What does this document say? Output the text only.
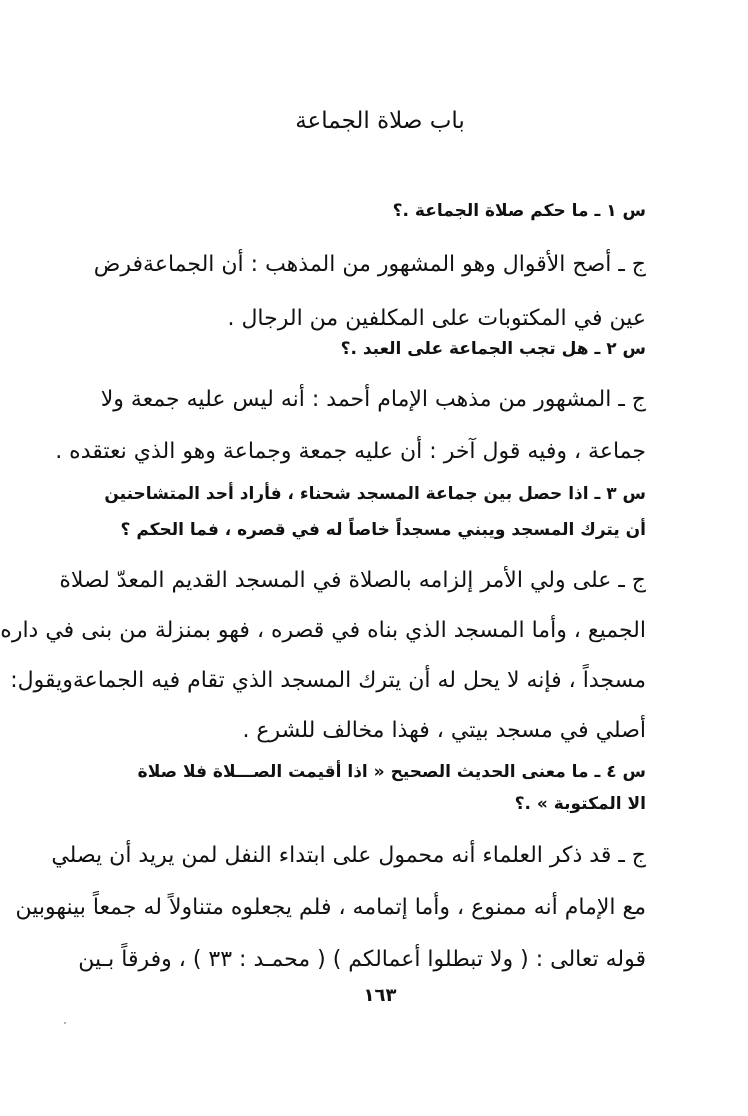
باب صلاة الجماعة
س ١ ـ ما حكم صلاة الجماعة .؟
ج ـ أصح الأقوال وهو المشهور من المذهب : أن الجماعةفرض
عين في المكتوبات على المكلفين من الرجال .
س ٢ ـ هل تجب الجماعة على العبد .؟
ج ـ المشهور من مذهب الإمام أحمد : أنه ليس عليه جمعة ولا
جماعة ، وفيه قول آخر : أن عليه جمعة وجماعة وهو الذي نعتقده .
س ٣ ـ اذا حصل بين جماعة المسجد شحناء ، فأراد أحد المتشاحنين
أن يترك المسجد ويبني مسجداً خاصاً له في قصره ، فما الحكم ؟
ج ـ على ولي الأمر إلزامه بالصلاة في المسجد القديم المعدّ لصلاة
الجميع ، وأما المسجد الذي بناه في قصره ، فهو بمنزلة من بنى في داره
مسجداً ، فإنه لا يحل له أن يترك المسجد الذي تقام فيه الجماعةويقول:
أصلي في مسجد بيتي ، فهذا مخالف للشرع .
س ٤ ـ ما معنى الحديث الصحيح « اذا أقيمت الصـــلاة فلا صلاة
الا المكتوبة » .؟
ج ـ قد ذكر العلماء أنه محمول على ابتداء النفل لمن يريد أن يصلي
مع الإمام أنه ممنوع ، وأما إتمامه ، فلم يجعلوه متناولاً له جمعاً بينهوبين
قوله تعالى : ( ولا تبطلوا أعمالكم ) ( محمـد : ٣٣ ) ، وفرقاً بـين
١٦٣
